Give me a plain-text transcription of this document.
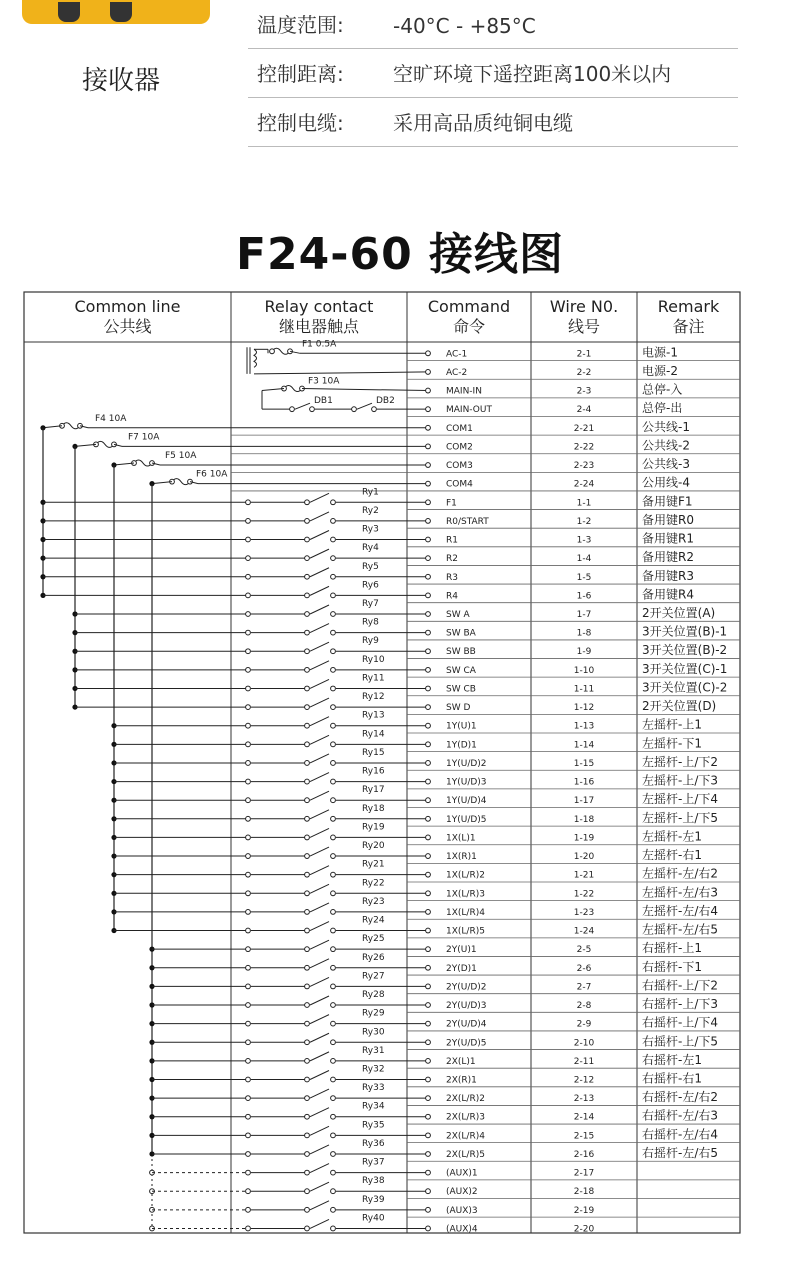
接收器
温度范围: -40°C - +85°C
控制距离: 空旷环境下遥控距离100米以内
控制电缆: 采用高品质纯铜电缆
F24-60 接线图
Common line
公共线
Relay contact
继电器触点
Command
命令
Wire N0.
线号
Remark
备注
F1 0.5A
F3 10A
DB1	DB2
F4 10A
F7 10A
F5 10A
F6 10A
Ry1
Ry2
Ry3
Ry4
Ry5
Ry6
Ry7
Ry8
Ry9
Ry10
Ry11
Ry12
Ry13
Ry14
Ry15
Ry16
Ry17
Ry18
Ry19
Ry20
Ry21
Ry22
Ry23
Ry24
Ry25
Ry26
Ry27
Ry28
Ry29
Ry30
Ry31
Ry32
Ry33
Ry34
Ry35
Ry36
Ry37
Ry38
Ry39
Ry40
AC-1	2-1	电源-1
AC-2	2-2	电源-2
MAIN-IN	2-3	总停-入
MAIN-OUT	2-4	总停-出
COM1	2-21	公共线-1
COM2	2-22	公共线-2
COM3	2-23	公共线-3
COM4	2-24	公用线-4
F1	1-1	备用键F1
R0/START	1-2	备用键R0
R1	1-3	备用键R1
R2	1-4	备用键R2
R3	1-5	备用键R3
R4	1-6	备用键R4
SW A	1-7	2开关位置(A)
SW BA	1-8	3开关位置(B)-1
SW BB	1-9	3开关位置(B)-2
SW CA	1-10	3开关位置(C)-1
SW CB	1-11	3开关位置(C)-2
SW D	1-12	2开关位置(D)
1Y(U)1	1-13	左摇杆-上1
1Y(D)1	1-14	左摇杆-下1
1Y(U/D)2	1-15	左摇杆-上/下2
1Y(U/D)3	1-16	左摇杆-上/下3
1Y(U/D)4	1-17	左摇杆-上/下4
1Y(U/D)5	1-18	左摇杆-上/下5
1X(L)1	1-19	左摇杆-左1
1X(R)1	1-20	左摇杆-右1
1X(L/R)2	1-21	左摇杆-左/右2
1X(L/R)3	1-22	左摇杆-左/右3
1X(L/R)4	1-23	左摇杆-左/右4
1X(L/R)5	1-24	左摇杆-左/右5
2Y(U)1	2-5	右摇杆-上1
2Y(D)1	2-6	右摇杆-下1
2Y(U/D)2	2-7	右摇杆-上/下2
2Y(U/D)3	2-8	右摇杆-上/下3
2Y(U/D)4	2-9	右摇杆-上/下4
2Y(U/D)5	2-10	右摇杆-上/下5
2X(L)1	2-11	右摇杆-左1
2X(R)1	2-12	右摇杆-右1
2X(L/R)2	2-13	右摇杆-左/右2
2X(L/R)3	2-14	右摇杆-左/右3
2X(L/R)4	2-15	右摇杆-左/右4
2X(L/R)5	2-16	右摇杆-左/右5
(AUX)1	2-17
(AUX)2	2-18
(AUX)3	2-19
(AUX)4	2-20
